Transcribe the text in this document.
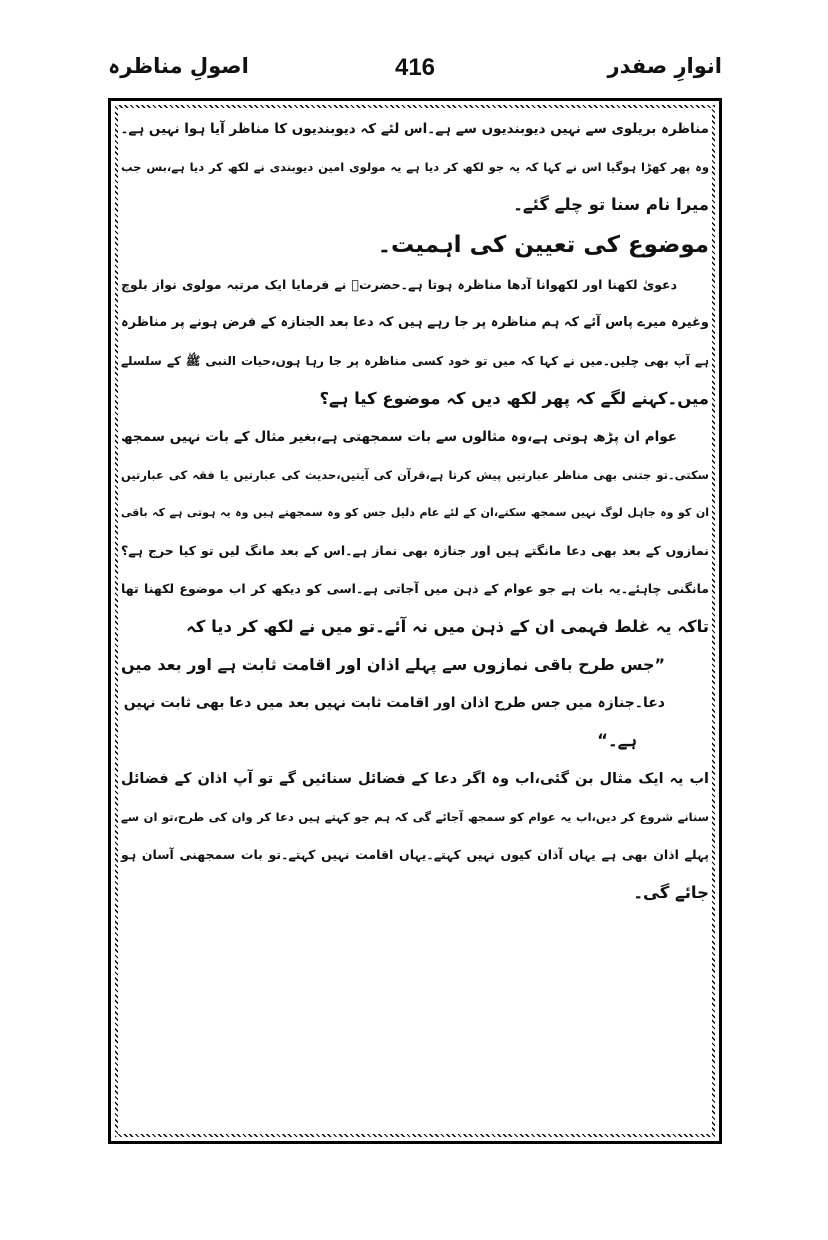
انوارِ صفدر
416
اصولِ مناظرہ
مناظرہ بریلوی سے نہیں دیوبندیوں سے ہے۔اس لئے کہ دیوبندیوں کا مناظر آیا ہوا نہیں ہے۔
وہ پھر کھڑا ہوگیا اس نے کہا کہ یہ جو لکھ کر دیا ہے یہ مولوی امین دیوبندی نے لکھ کر دیا ہے،بس جب
میرا نام سنا تو چلے گئے۔
موضوع کی تعیین کی اہمیت۔
دعویٰ لکھنا اور لکھوانا آدھا مناظرہ ہوتا ہے۔حضرتؒ نے فرمایا ایک مرتبہ مولوی نواز بلوچ
وغیرہ میرے پاس آئے کہ ہم مناظرہ پر جا رہے ہیں کہ دعا بعد الجنازہ کے فرض ہونے پر مناظرہ
ہے آپ بھی چلیں۔میں نے کہا کہ میں تو خود کسی مناظرہ پر جا رہا ہوں،حیات النبی ﷺ کے سلسلے
میں۔کہنے لگے کہ پھر لکھ دیں کہ موضوع کیا ہے؟
عوام ان پڑھ ہوتی ہے،وہ مثالوں سے بات سمجھتی ہے،بغیر مثال کے بات نہیں سمجھ
سکتی۔تو جتنی بھی مناظر عبارتیں پیش کرتا ہے،قرآن کی آیتیں،حدیث کی عبارتیں یا فقہ کی عبارتیں
ان کو وہ جاہل لوگ نہیں سمجھ سکتے،ان کے لئے عام دلیل جس کو وہ سمجھتے ہیں وہ یہ ہوتی ہے کہ باقی
نمازوں کے بعد بھی دعا مانگتے ہیں اور جنازہ بھی نماز ہے۔اس کے بعد مانگ لیں تو کیا حرج ہے؟
مانگنی چاہئے۔یہ بات ہے جو عوام کے ذہن میں آجاتی ہے۔اسی کو دیکھ کر اب موضوع لکھنا تھا
تاکہ یہ غلط فہمی ان کے ذہن میں نہ آئے۔تو میں نے لکھ کر دیا کہ
”جس طرح باقی نمازوں سے پہلے اذان اور اقامت ثابت ہے اور بعد میں
دعا۔جنازہ میں جس طرح اذان اور اقامت ثابت نہیں بعد میں دعا بھی ثابت نہیں
ہے۔“
اب یہ ایک مثال بن گئی،اب وہ اگر دعا کے فضائل سنائیں گے تو آپ اذان کے فضائل
سنانے شروع کر دیں،اب یہ عوام کو سمجھ آجائے گی کہ ہم جو کہتے ہیں دعا کر وان کی طرح،تو ان سے
پہلے اذان بھی ہے یہاں آذان کیوں نہیں کہتے۔یہاں اقامت نہیں کہتے۔تو بات سمجھنی آسان ہو
جائے گی۔
